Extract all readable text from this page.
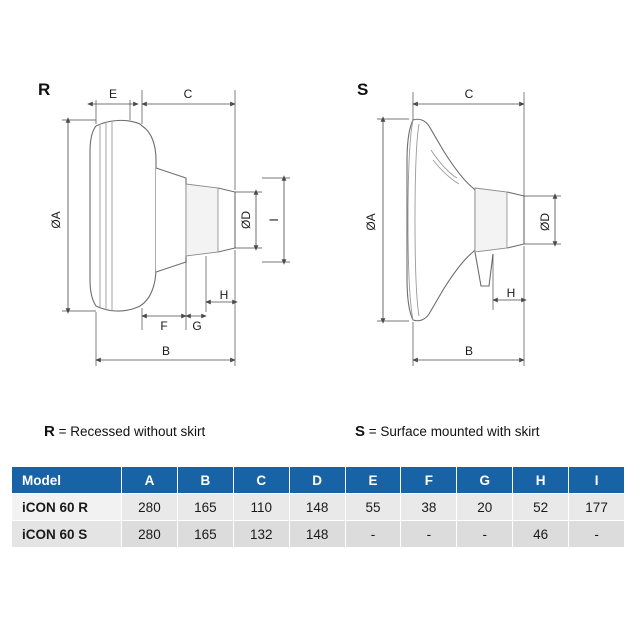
R	E	C
ØA	ØD I
H
F G
B
S	C
ØA	ØD
H
B
R = Recessed without skirt	S = Surface mounted with skirt
Model	A	B	C	D	E	F	G	H	I
iCON 60 R	280	165	110	148	55	38	20	52	177
iCON 60 S	280	165	132	148	-	-	-	46	-
